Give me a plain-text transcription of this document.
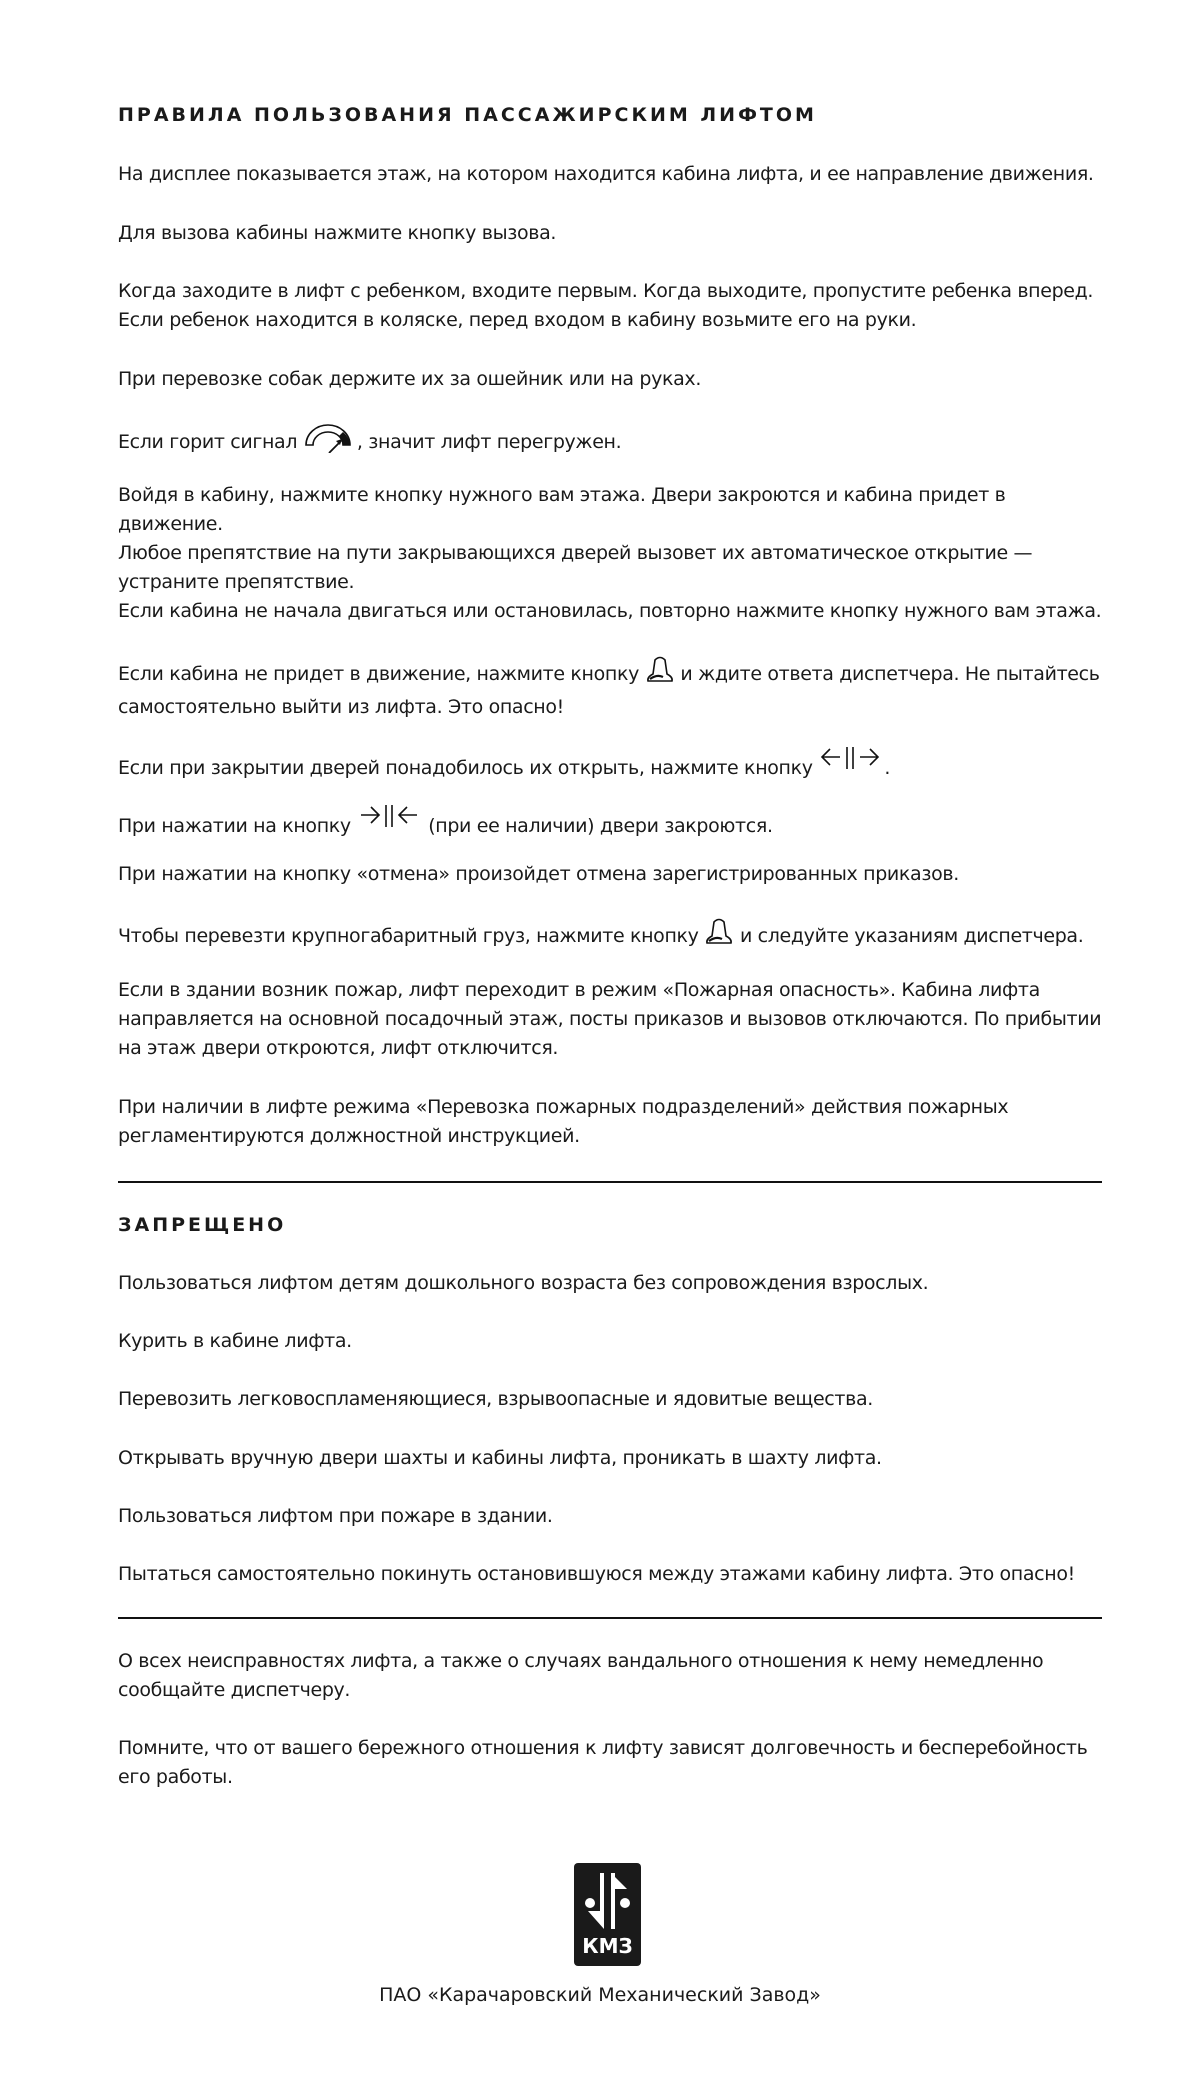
ПРАВИЛА ПОЛЬЗОВАНИЯ ПАССАЖИРСКИМ ЛИФТОМ

На дисплее показывается этаж, на котором находится кабина лифта, и ее направление движения.

Для вызова кабины нажмите кнопку вызова.

Когда заходите в лифт с ребенком, входите первым. Когда выходите, пропустите ребенка вперед.

Если ребенок находится в коляске, перед входом в кабину возьмите его на руки.

При перевозке собак держите их за ошейник или на руках.

Если горит сигнал	, значит лифт перегружен.

Войдя в кабину, нажмите кнопку нужного вам этажа. Двери закроются и кабина придет в движение.

Любое препятствие на пути закрывающихся дверей вызовет их автоматическое открытие —

устраните препятствие.

Если кабина не начала двигаться или остановилась, повторно нажмите кнопку нужного вам этажа.

Если кабина не придет в движение, нажмите кнопку и ждите ответа диспетчера. Не пытайтесь

самостоятельно выйти из лифта. Это опасно!

Если при закрытии дверей понадобилось их открыть, нажмите кнопку	.

При нажатии на кнопку	(при ее наличии) двери закроются.

При нажатии на кнопку «отмена» произойдет отмена зарегистрированных приказов.

Чтобы перевезти крупногабаритный груз, нажмите кнопку и следуйте указаниям диспетчера.

Если в здании возник пожар, лифт переходит в режим «Пожарная опасность». Кабина лифта

направляется на основной посадочный этаж, посты приказов и вызовов отключаются. По прибытии

на этаж двери откроются, лифт отключится.

При наличии в лифте режима «Перевозка пожарных подразделений» действия пожарных

регламентируются должностной инструкцией.

ЗАПРЕЩЕНО

Пользоваться лифтом детям дошкольного возраста без сопровождения взрослых.

Курить в кабине лифта.

Перевозить легковоспламеняющиеся, взрывоопасные и ядовитые вещества.

Открывать вручную двери шахты и кабины лифта, проникать в шахту лифта.

Пользоваться лифтом при пожаре в здании.

Пытаться самостоятельно покинуть остановившуюся между этажами кабину лифта. Это опасно!

О всех неисправностях лифта, а также о случаях вандального отношения к нему немедленно

сообщайте диспетчеру.

Помните, что от вашего бережного отношения к лифту зависят долговечность и бесперебойность

его работы.

КМЗ
ПАО «Карачаровский Механический Завод»
